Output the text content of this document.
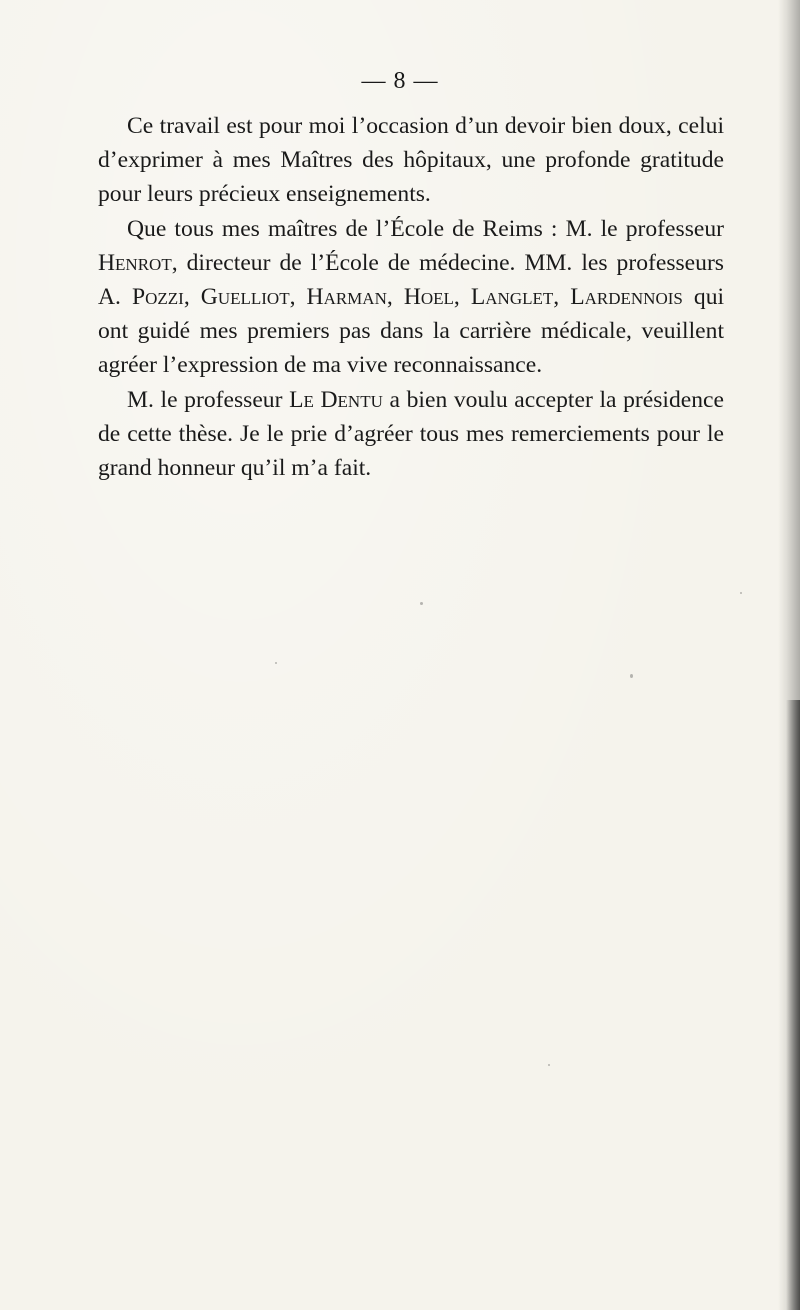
— 8 —

Ce travail est pour moi l’occasion d’un devoir bien doux, celui d’exprimer à mes Maîtres des hôpitaux, une profonde gratitude pour leurs précieux enseignements.

Que tous mes maîtres de l’École de Reims : M. le professeur Henrot, directeur de l’École de médecine. MM. les professeurs A. Pozzi, Guelliot, Harman, Hoel, Langlet, Lardennois qui ont guidé mes premiers pas dans la carrière médicale, veuillent agréer l’expression de ma vive reconnaissance.

M. le professeur Le Dentu a bien voulu accepter la présidence de cette thèse. Je le prie d’agréer tous mes remerciements pour le grand honneur qu’il m’a fait.
